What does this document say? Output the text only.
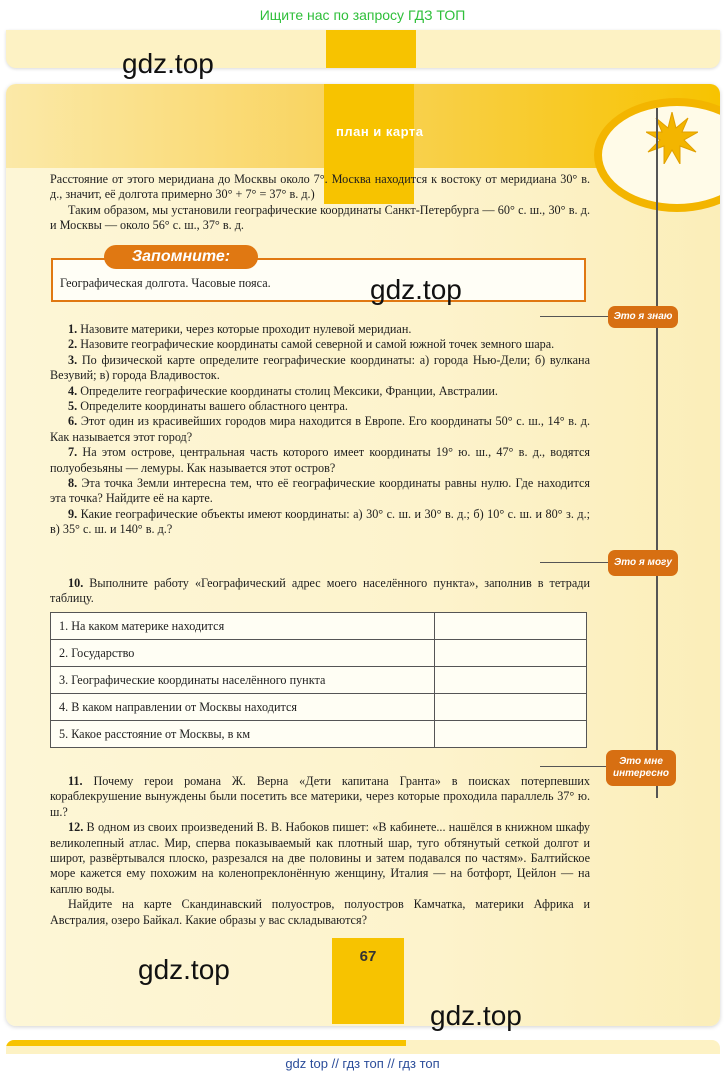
Ищите нас по запросу ГДЗ ТОП
gdz.top
план и карта
Это я знаю
Это я могу
Это мне интересно

Расстояние от этого меридиана до Москвы около 7°. Москва находится к востоку от меридиана 30° в. д., значит, её долгота примерно 30° + 7° = 37° в. д.)

Таким образом, мы установили географические координаты Санкт-Петербурга — 60° с. ш., 30° в. д. и Москвы — около 56° с. ш., 37° в. д.

Запомните:
Географическая долгота. Часовые пояса.	gdz.top

1. Назовите материки, через которые проходит нулевой меридиан.

2. Назовите географические координаты самой северной и самой южной точек земного шара.

3. По физической карте определите географические координаты: а) города Нью-Дели; б) вулкана Везувий; в) города Владивосток.

4. Определите географические координаты столиц Мексики, Франции, Австралии.

5. Определите координаты вашего областного центра.

6. Этот один из красивейших городов мира находится в Европе. Его координаты 50° с. ш., 14° в. д. Как называется этот город?

7. На этом острове, центральная часть которого имеет координаты 19° ю. ш., 47° в. д., водятся полуобезьяны — лемуры. Как называется этот остров?

8. Эта точка Земли интересна тем, что её географические координаты равны нулю. Где находится эта точка? Найдите её на карте.

9. Какие географические объекты имеют координаты: а) 30° с. ш. и 30° в. д.; б) 10° с. ш. и 80° з. д.; в) 35° с. ш. и 140° в. д.?

10. Выполните работу «Географический адрес моего населённого пункта», заполнив в тетради таблицу.

1. На каком материке находится	
2. Государство	
3. Географические координаты населённого пункта	
4. В каком направлении от Москвы находится	
5. Какое расстояние от Москвы, в км	

11. Почему герои романа Ж. Верна «Дети капитана Гранта» в поисках потерпевших кораблекрушение вынуждены были посетить все материки, через которые проходила параллель 37° ю. ш.?

12. В одном из своих произведений В. В. Набоков пишет: «В кабинете... нашёлся в книжном шкафу великолепный атлас. Мир, сперва показываемый как плотный шар, туго обтянутый сеткой долгот и широт, развёртывался плоско, разрезался на две половины и затем подавался по частям». Балтийское море кажется ему похожим на коленопреклонённую женщину, Италия — на ботфорт, Цейлон — на каплю воды.

Найдите на карте Скандинавский полуостров, полуостров Камчатка, материки Африка и Австралия, озеро Байкал. Какие образы у вас складываются?

67
gdz.top
gdz.top
gdz top // гдз топ // гдз топ
